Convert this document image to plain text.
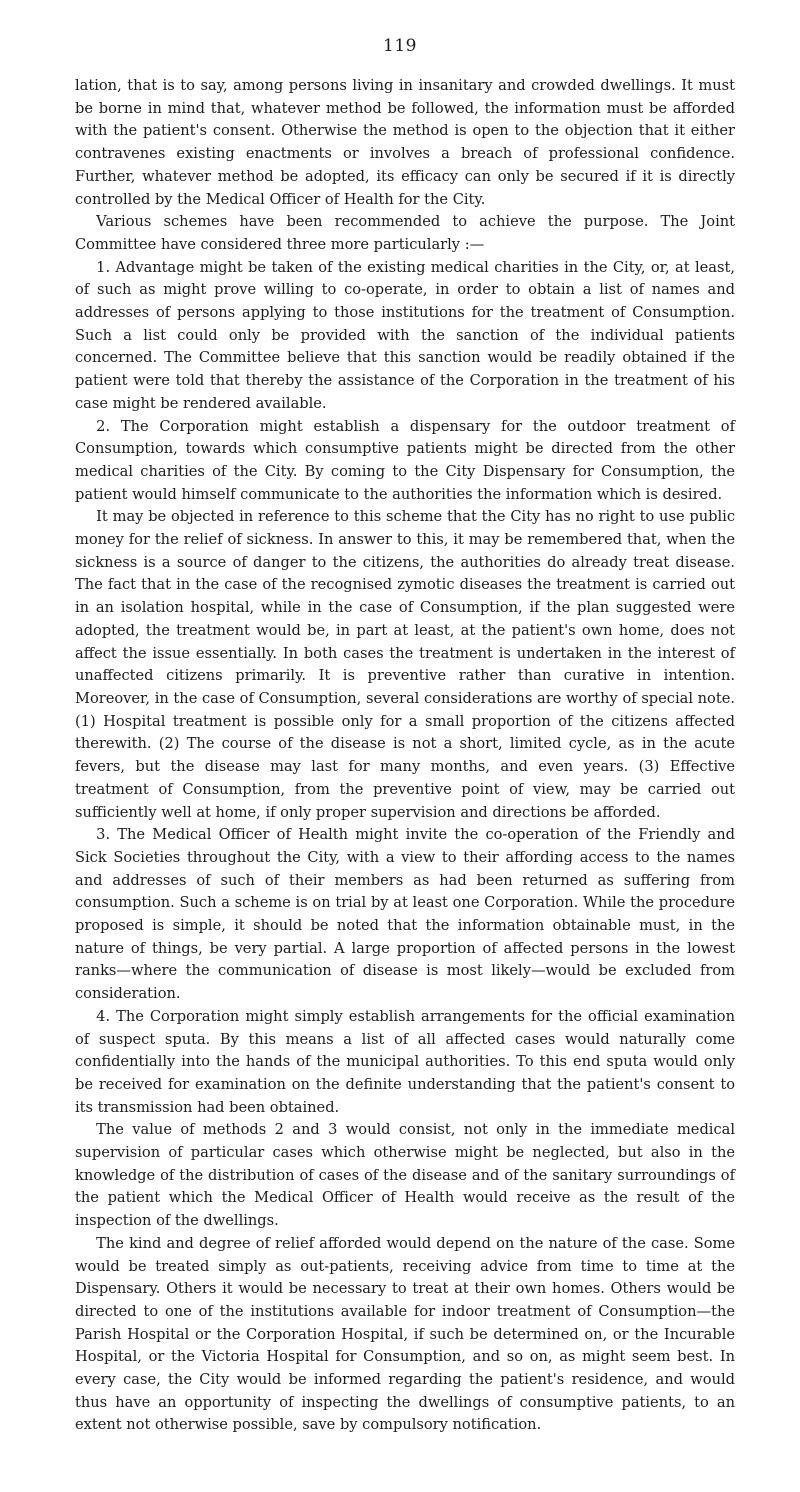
119

lation, that is to say, among persons living in insanitary and crowded dwellings. It must be borne in mind that, whatever method be followed, the information must be afforded with the patient's consent. Otherwise the method is open to the objection that it either contravenes existing enactments or involves a breach of professional confidence. Further, whatever method be adopted, its efficacy can only be secured if it is directly controlled by the Medical Officer of Health for the City.

Various schemes have been recommended to achieve the purpose. The Joint Committee have considered three more particularly :—

1. Advantage might be taken of the existing medical charities in the City, or, at least, of such as might prove willing to co-operate, in order to obtain a list of names and addresses of persons applying to those institutions for the treatment of Consumption. Such a list could only be provided with the sanction of the individual patients concerned. The Committee believe that this sanction would be readily obtained if the patient were told that thereby the assistance of the Corporation in the treatment of his case might be rendered available.

2. The Corporation might establish a dispensary for the outdoor treatment of Consumption, towards which consumptive patients might be directed from the other medical charities of the City. By coming to the City Dispensary for Consumption, the patient would himself communicate to the authorities the information which is desired.

It may be objected in reference to this scheme that the City has no right to use public money for the relief of sickness. In answer to this, it may be remembered that, when the sickness is a source of danger to the citizens, the authorities do already treat disease. The fact that in the case of the recognised zymotic diseases the treatment is carried out in an isolation hospital, while in the case of Consumption, if the plan suggested were adopted, the treatment would be, in part at least, at the patient's own home, does not affect the issue essentially. In both cases the treatment is undertaken in the interest of unaffected citizens primarily. It is preventive rather than curative in intention. Moreover, in the case of Consumption, several considerations are worthy of special note. (1) Hospital treatment is possible only for a small proportion of the citizens affected therewith. (2) The course of the disease is not a short, limited cycle, as in the acute fevers, but the disease may last for many months, and even years. (3) Effective treatment of Consumption, from the preventive point of view, may be carried out sufficiently well at home, if only proper supervision and directions be afforded.

3. The Medical Officer of Health might invite the co-operation of the Friendly and Sick Societies throughout the City, with a view to their affording access to the names and addresses of such of their members as had been returned as suffering from consumption. Such a scheme is on trial by at least one Corporation. While the procedure proposed is simple, it should be noted that the information obtainable must, in the nature of things, be very partial. A large proportion of affected persons in the lowest ranks—where the communication of disease is most likely—would be excluded from consideration.

4. The Corporation might simply establish arrangements for the official examination of suspect sputa. By this means a list of all affected cases would naturally come confidentially into the hands of the municipal authorities. To this end sputa would only be received for examination on the definite understanding that the patient's consent to its transmission had been obtained.

The value of methods 2 and 3 would consist, not only in the immediate medical supervision of particular cases which otherwise might be neglected, but also in the knowledge of the distribution of cases of the disease and of the sanitary surroundings of the patient which the Medical Officer of Health would receive as the result of the inspection of the dwellings.

The kind and degree of relief afforded would depend on the nature of the case. Some would be treated simply as out-patients, receiving advice from time to time at the Dispensary. Others it would be necessary to treat at their own homes. Others would be directed to one of the institutions available for indoor treatment of Consumption—the Parish Hospital or the Corporation Hospital, if such be determined on, or the Incurable Hospital, or the Victoria Hospital for Consumption, and so on, as might seem best. In every case, the City would be informed regarding the patient's residence, and would thus have an opportunity of inspecting the dwellings of consumptive patients, to an extent not otherwise possible, save by compulsory notification.
